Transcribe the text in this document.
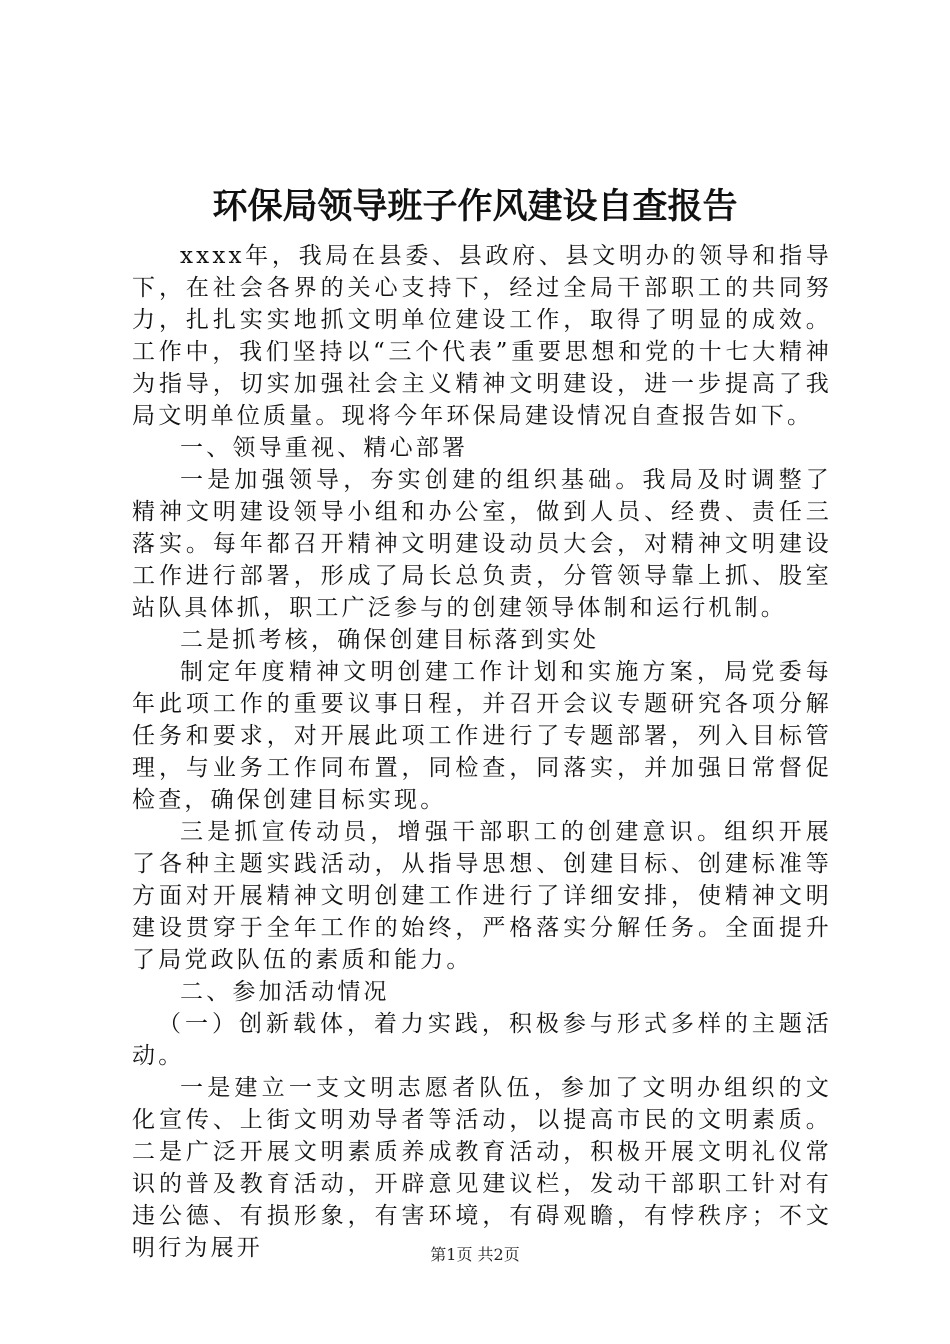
环保局领导班子作风建设自查报告

xxxx年，我局在县委、县政府、县文明办的领导和指导下，在社会各界的关心支持下，经过全局干部职工的共同努力，扎扎实实地抓文明单位建设工作，取得了明显的成效。工作中，我们坚持以“三个代表”重要思想和党的十七大精神为指导，切实加强社会主义精神文明建设，进一步提高了我局文明单位质量。现将今年环保局建设情况自查报告如下。

一、领导重视、精心部署

一是加强领导，夯实创建的组织基础。我局及时调整了精神文明建设领导小组和办公室，做到人员、经费、责任三落实。每年都召开精神文明建设动员大会，对精神文明建设工作进行部署，形成了局长总负责，分管领导靠上抓、股室站队具体抓，职工广泛参与的创建领导体制和运行机制。

二是抓考核，确保创建目标落到实处

制定年度精神文明创建工作计划和实施方案，局党委每年此项工作的重要议事日程，并召开会议专题研究各项分解任务和要求，对开展此项工作进行了专题部署，列入目标管理，与业务工作同布置，同检查，同落实，并加强日常督促检查，确保创建目标实现。

三是抓宣传动员，增强干部职工的创建意识。组织开展了各种主题实践活动，从指导思想、创建目标、创建标准等方面对开展精神文明创建工作进行了详细安排，使精神文明建设贯穿于全年工作的始终，严格落实分解任务。全面提升了局党政队伍的素质和能力。

二、参加活动情况

（一）创新载体，着力实践，积极参与形式多样的主题活动。

一是建立一支文明志愿者队伍，参加了文明办组织的文化宣传、上街文明劝导者等活动，以提高市民的文明素质。二是广泛开展文明素质养成教育活动，积极开展文明礼仪常识的普及教育活动，开辟意见建议栏，发动干部职工针对有违公德、有损形象，有害环境，有碍观瞻，有悖秩序；不文明行为展开	第1页 共2页
